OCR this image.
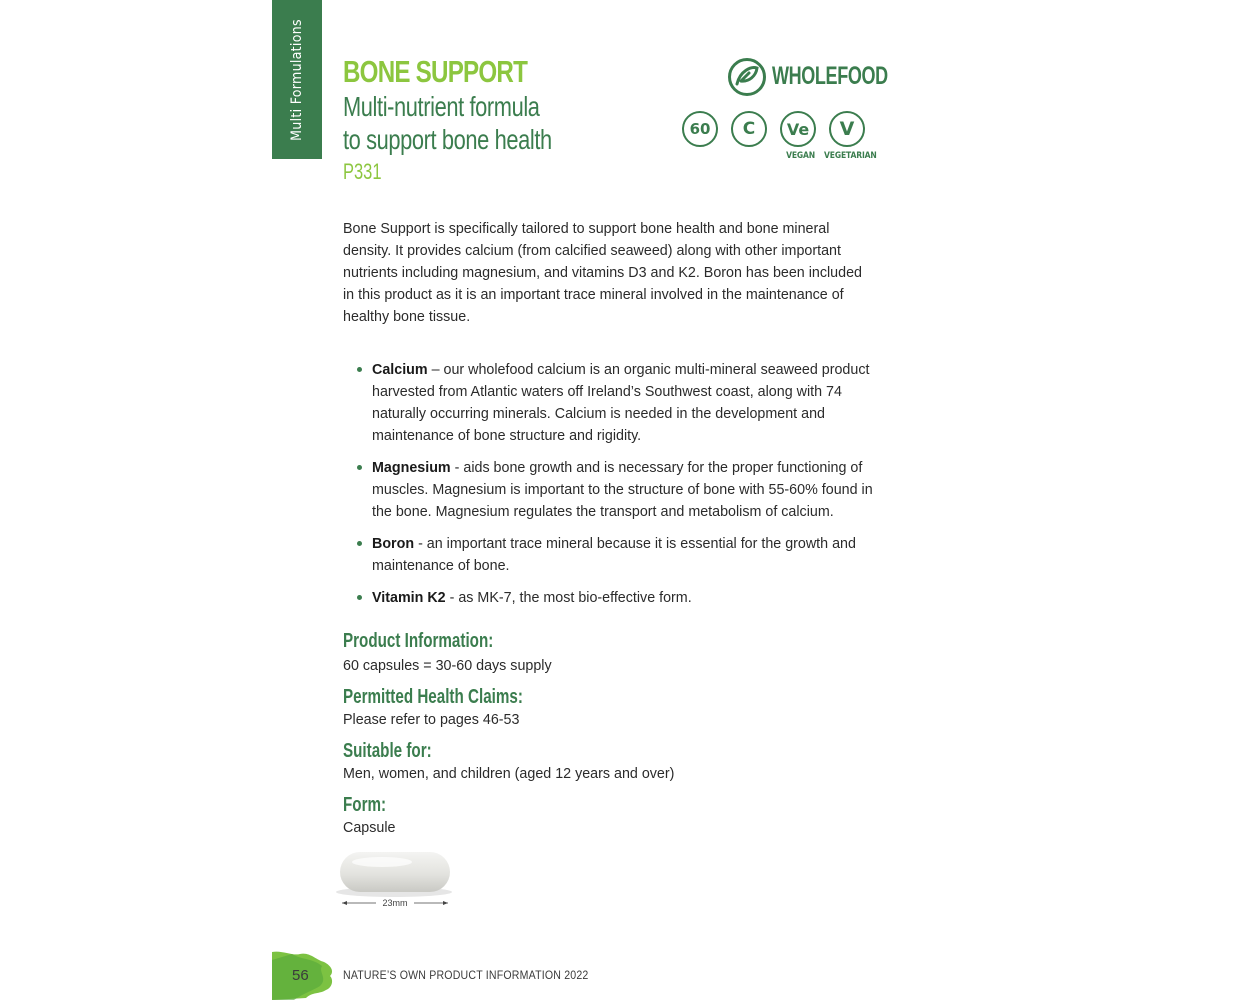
Multi Formulations BONE SUPPORT
Multi-nutrient formula
to support bone health
P331
WHOLEFOOD
60 C Ve
VEGAN
V
VEGETARIAN
Bone Support is specifically tailored to support bone health and bone mineral density. It provides calcium (from calcified seaweed) along with other important nutrients including magnesium, and vitamins D3 and K2. Boron has been included in this product as it is an important trace mineral involved in the maintenance of healthy bone tissue.
Calcium – our wholefood calcium is an organic multi-mineral seaweed product harvested from Atlantic waters off Ireland’s Southwest coast, along with 74 naturally occurring minerals. Calcium is needed in the development and maintenance of bone structure and rigidity.
Magnesium - aids bone growth and is necessary for the proper functioning of muscles. Magnesium is important to the structure of bone with 55-60% found in the bone. Magnesium regulates the transport and metabolism of calcium.
Boron - an important trace mineral because it is essential for the growth and maintenance of bone.
Vitamin K2 - as MK-7, the most bio-effective form.
Product Information:
60 capsules = 30-60 days supply
Permitted Health Claims:
Please refer to pages 46-53
Suitable for:
Men, women, and children (aged 12 years and over)
Form:
Capsule
23mm
56	NATURE’S OWN PRODUCT INFORMATION 2022
